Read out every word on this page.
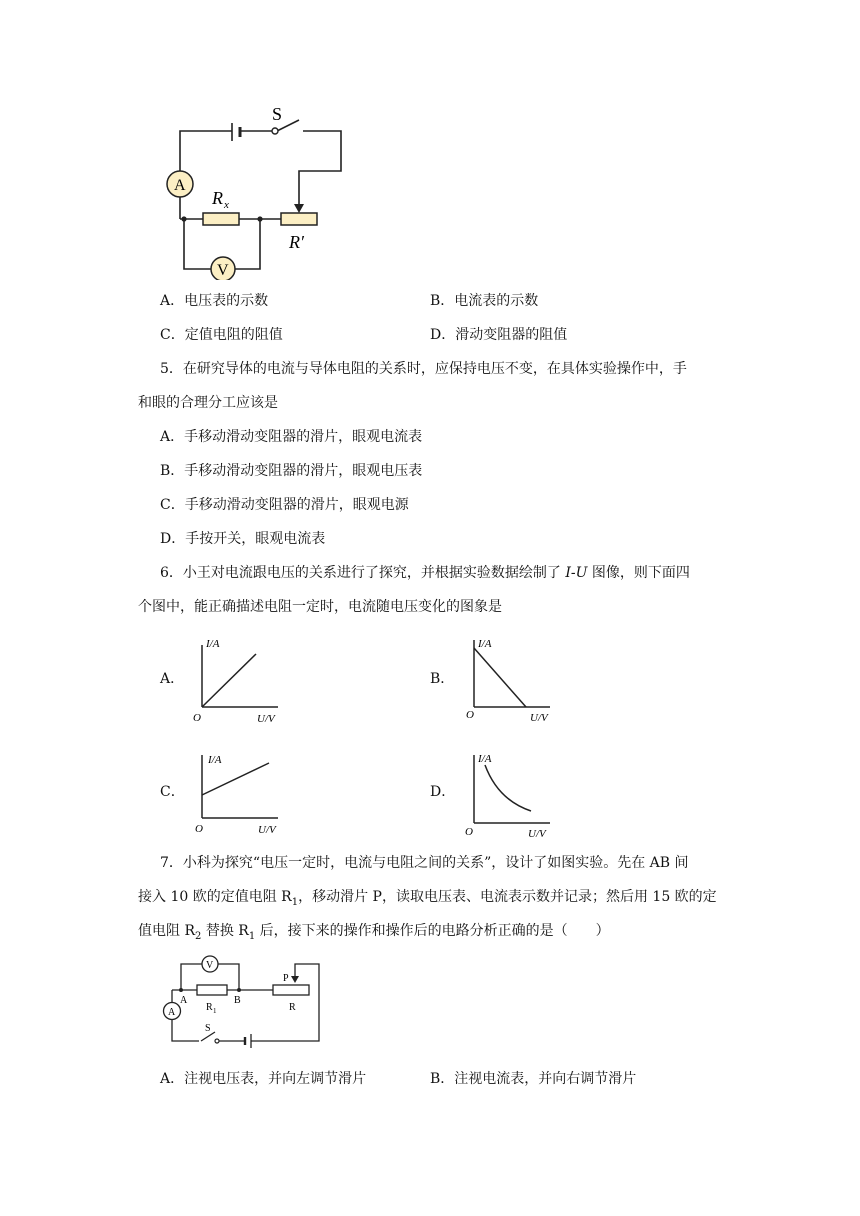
S
A
V
R x
R′
A．电压表的示数	B．电流表的示数
C．定值电阻的阻值	D．滑动变阻器的阻值
5．在研究导体的电流与导体电阻的关系时，应保持电压不变，在具体实验操作中，手
和眼的合理分工应该是
A．手移动滑动变阻器的滑片，眼观电流表
B．手移动滑动变阻器的滑片，眼观电压表
C．手移动滑动变阻器的滑片，眼观电源
D．手按开关，眼观电流表
6．小王对电流跟电压的关系进行了探究，并根据实验数据绘制了 I-U 图像，则下面四
个图中，能正确描述电阻一定时，电流随电压变化的图象是
A．	B．
C．	D．
I/A
O	U/V
I/A
O	U/V
I/A
O	U/V
I/A
O	U/V
7．小科为探究“电压一定时，电流与电阻之间的关系”，设计了如图实验。先在 AB 间
接入 10 欧的定值电阻 $R_1$，移动滑片 P，读取电压表、电流表示数并记录；然后用 15 欧的定
值电阻 $R_2$ 替换 $R_1$ 后，接下来的操作和操作后的电路分析正确的是（　　）
V
A
A	B
R 1
P
R
S
A．注视电压表，并向左调节滑片	B．注视电流表，并向右调节滑片
